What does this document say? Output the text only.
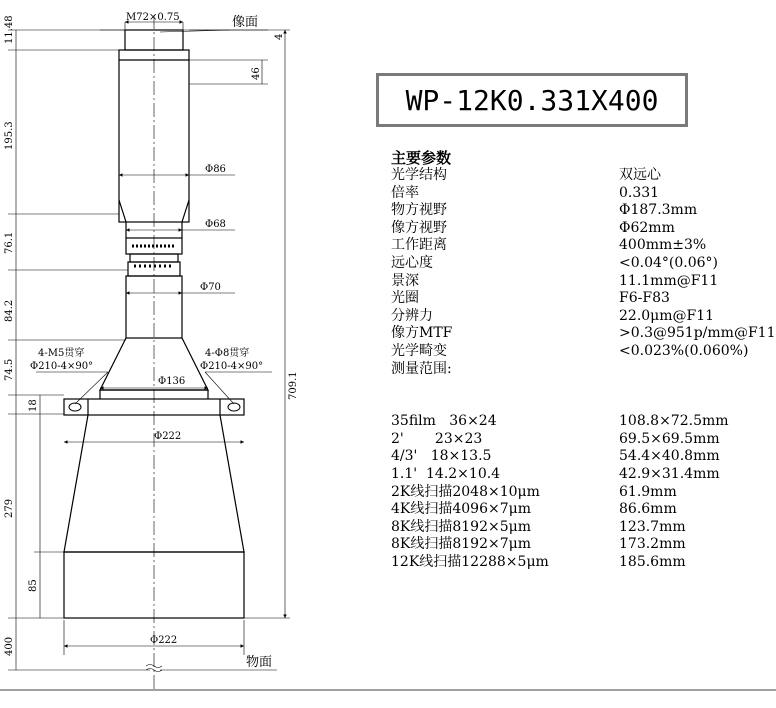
M72×0.75	像面
物面
11.48
195.3
76.1
84.2
74.5
18
279
85
400
4
46
709.1
Φ86
Φ68
Φ70
Φ136
Φ222
Φ222
4-M5贯穿
Φ210-4×90°
4-Φ8贯穿
Φ210-4×90°
WP-12K0.331X400
主要参数
光学结构	双远心
倍率	0.331
物方视野	Φ187.3mm
像方视野	Φ62mm
工作距离	400mm±3%
远心度	<0.04°(0.06°)
景深	11.1mm@F11
光圈	F6-F83
分辨力	22.0μm@F11
像方MTF	>0.3@951p/mm@F11
光学畸变	<0.023%(0.060%)
测量范围:
35film   36×24	108.8×72.5mm
2'       23×23	69.5×69.5mm
4/3'   18×13.5	54.4×40.8mm
1.1'  14.2×10.4	42.9×31.4mm
2K线扫描2048×10μm	61.9mm
4K线扫描4096×7μm	86.6mm
8K线扫描8192×5μm	123.7mm
8K线扫描8192×7μm	173.2mm
12K线扫描12288×5μm	185.6mm
